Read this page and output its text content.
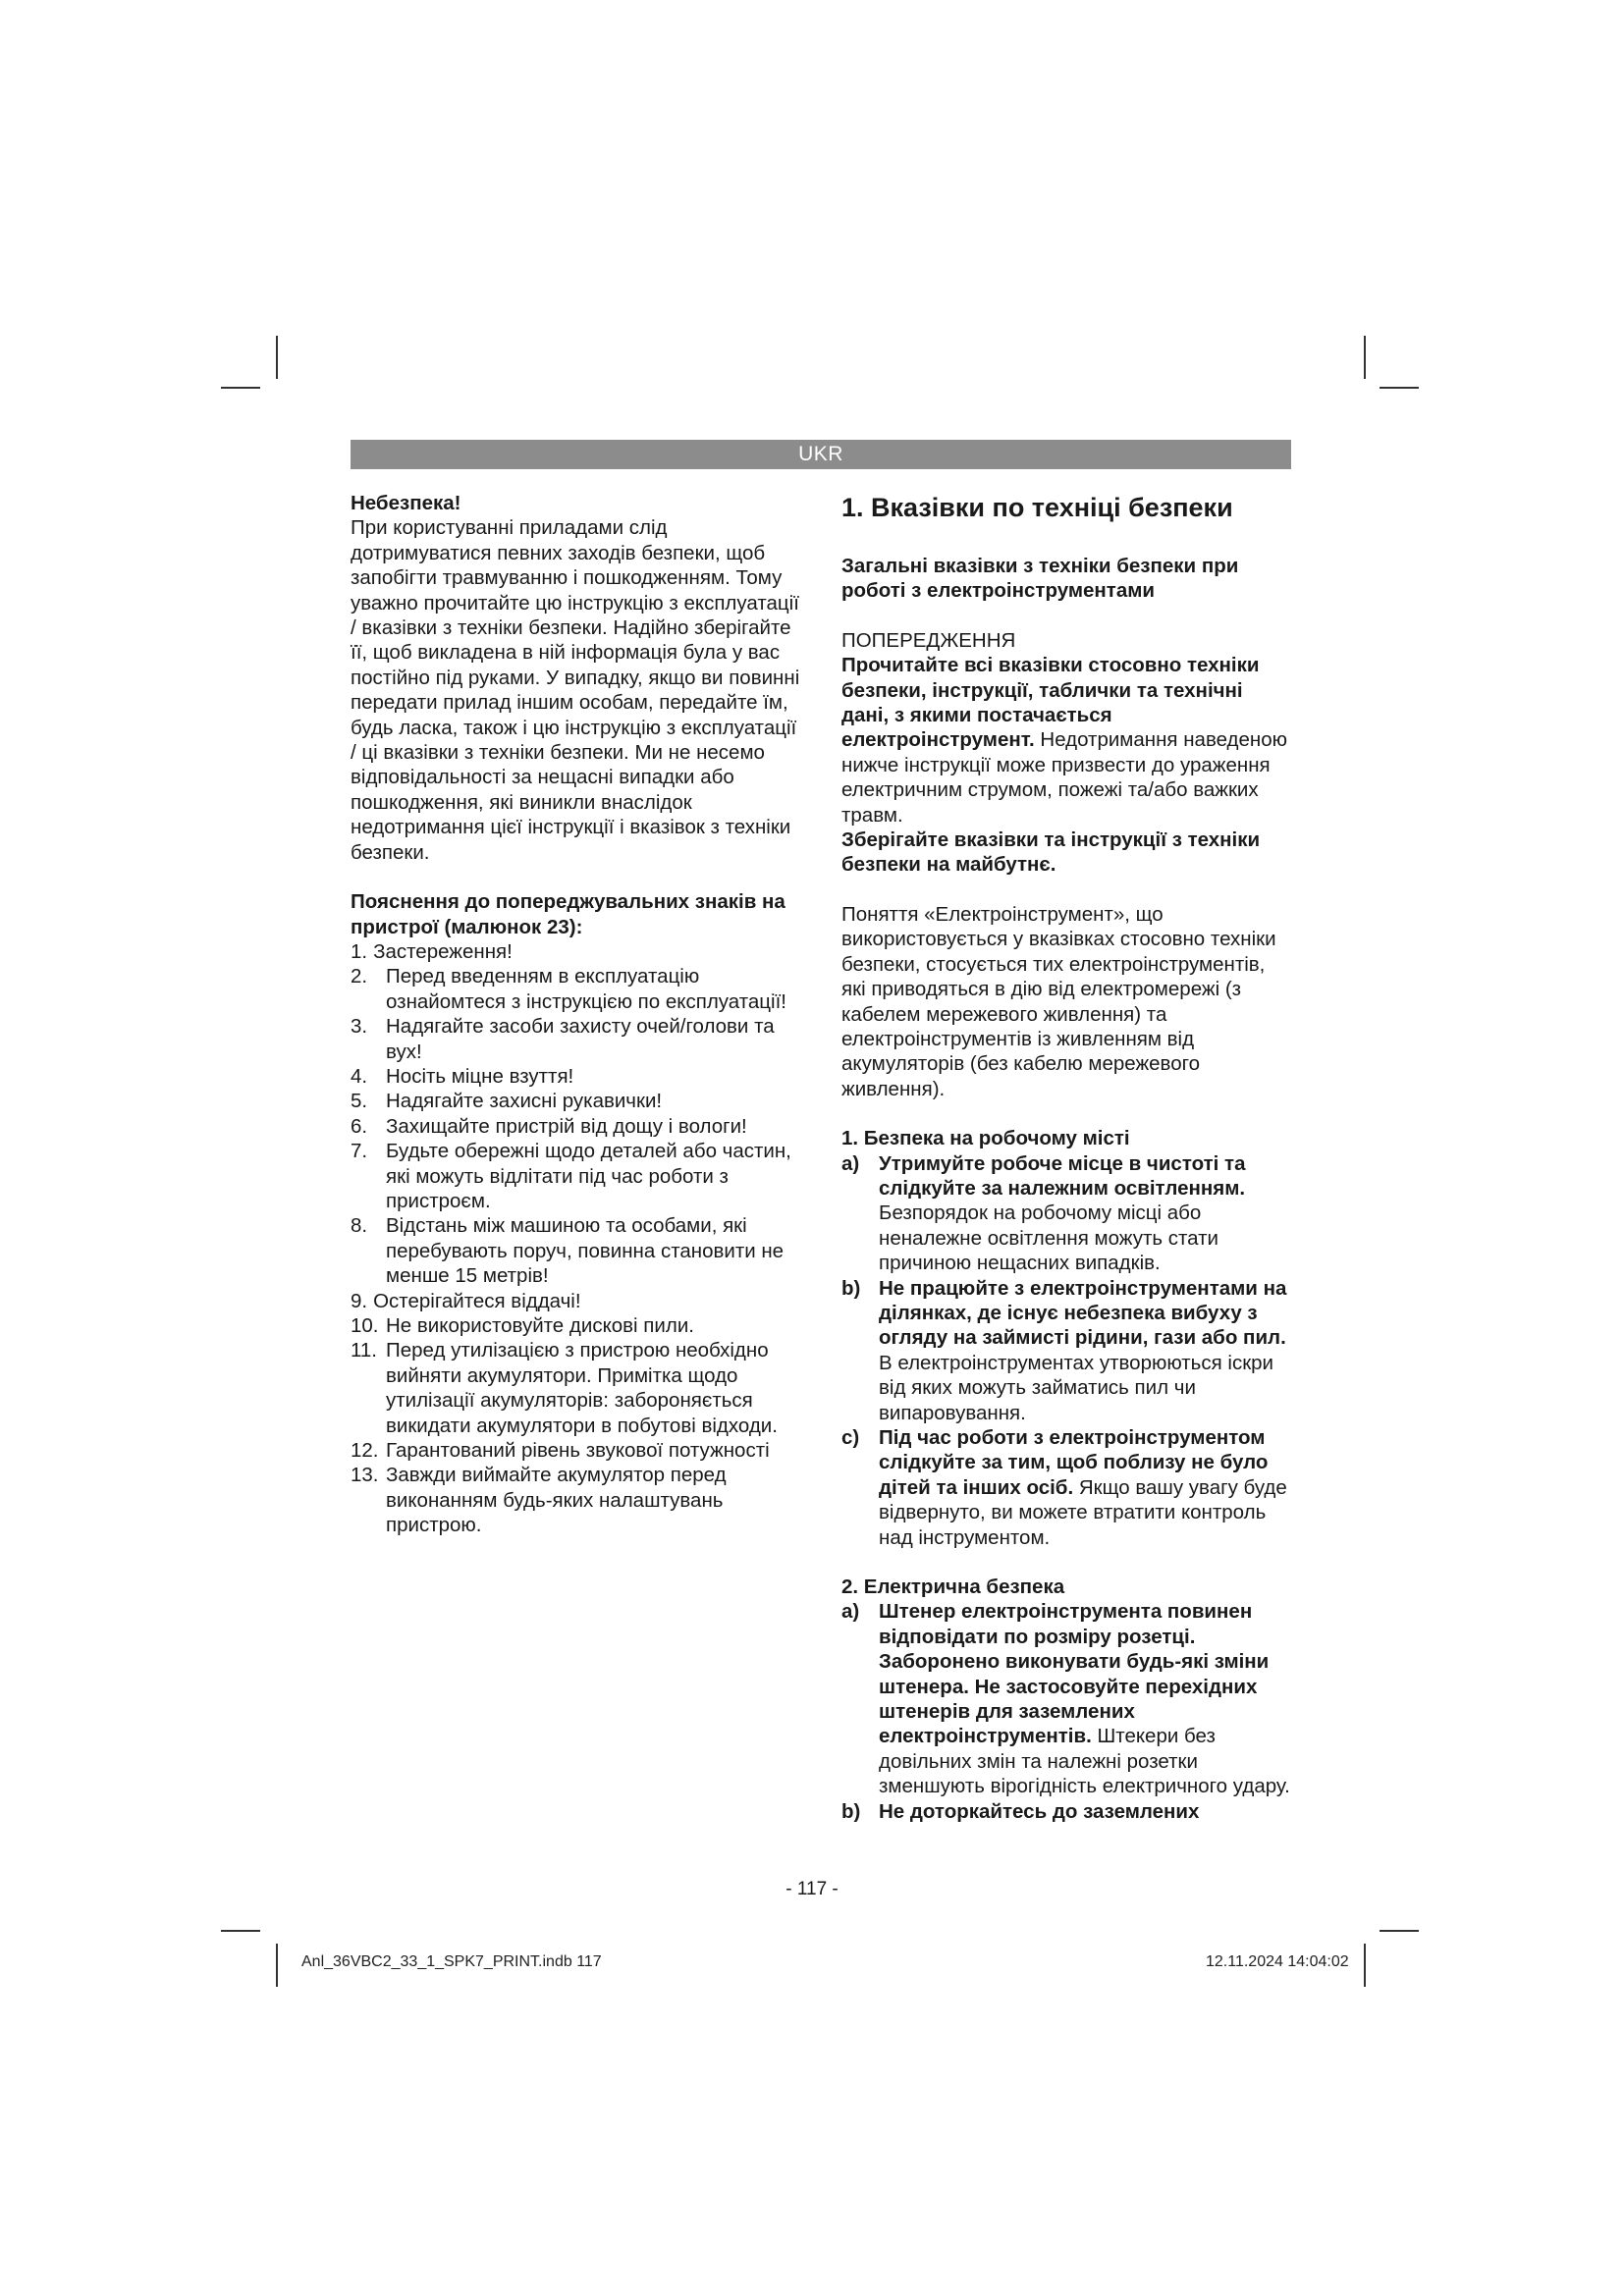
UKR

Небезпека!

При користуванні приладами слід дотримуватися певних заходів безпеки, щоб запобігти травмуванню і пошкодженням. Тому уважно прочитайте цю інструкцію з експлуатації / вказівки з техніки безпеки. Надійно зберігайте її, щоб викладена в ній інформація була у вас постійно під руками. У випадку, якщо ви повинні передати прилад іншим особам, передайте їм, будь ласка, також і цю інструкцію з експлуатації / ці вказівки з техніки безпеки. Ми не несемо відповідальності за нещасні випадки або пошкодження, які виникли внаслідок недотримання цієї інструкції і вказівок з техніки безпеки.

Пояснення до попереджувальних знаків на пристрої (малюнок 23):

1. Застереження!
2. Перед введенням в експлуатацію ознайомтеся з інструкцією по експлуатації!
3. Надягайте засоби захисту очей/голови та вух!
4. Носіть міцне взуття!
5. Надягайте захисні рукавички!
6. Захищайте пристрій від дощу і вологи!
7. Будьте обережні щодо деталей або частин, які можуть відлітати під час роботи з пристроєм.
8. Відстань між машиною та особами, які перебувають поруч, повинна становити не менше 15 метрів!
9. Остерігайтеся віддачі!
10. Не використовуйте дискові пили.
11. Перед утилізацією з пристрою необхідно вийняти акумулятори. Примітка щодо утилізації акумуляторів: забороняється викидати акумулятори в побутові відходи.
12. Гарантований рівень звукової потужності
13. Завжди виймайте акумулятор перед виконанням будь-яких налаштувань пристрою.

1. Вказівки по техніці безпеки

Загальні вказівки з техніки безпеки при роботі з електроінструментами

ПОПЕРЕДЖЕННЯ

Прочитайте всі вказівки стосовно техніки безпеки, інструкції, таблички та технічні дані, з якими постачається електроінструмент. Недотримання наведеною нижче інструкції може призвести до ураження електричним струмом, пожежі та/або важких травм.

Зберігайте вказівки та інструкції з техніки безпеки на майбутнє.

Поняття «Електроінструмент», що використовується у вказівках стосовно техніки безпеки, стосується тих електроінструментів, які приводяться в дію від електромережі (з кабелем мережевого живлення) та електроінструментів із живленням від акумуляторів (без кабелю мережевого живлення).

1. Безпека на робочому місті

a) Утримуйте робоче місце в чистоті та слідкуйте за належним освітленням. Безпорядок на робочому місці або неналежне освітлення можуть стати причиною нещасних випадків.
b) Не працюйте з електроінструментами на ділянках, де існує небезпека вибуху з огляду на займисті рідини, гази або пил. В електроінструментах утворюються іскри від яких можуть займатись пил чи випаровування.
c) Під час роботи з електроінструментом слідкуйте за тим, щоб поблизу не було дітей та інших осіб. Якщо вашу увагу буде відвернуто, ви можете втратити контроль над інструментом.

2. Електрична безпека

a) Штенер електроінструмента повинен відповідати по розміру розетці. Заборонено виконувати будь-які зміни штенера. Не застосовуйте перехідних штенерів для заземлених електроінструментів. Штекери без довільних змін та належні розетки зменшують вірогідність електричного удару.
b) Не доторкайтесь до заземлених
- 117 -
Anl_36VBC2_33_1_SPK7_PRINT.indb 117	12.11.2024 14:04:02
